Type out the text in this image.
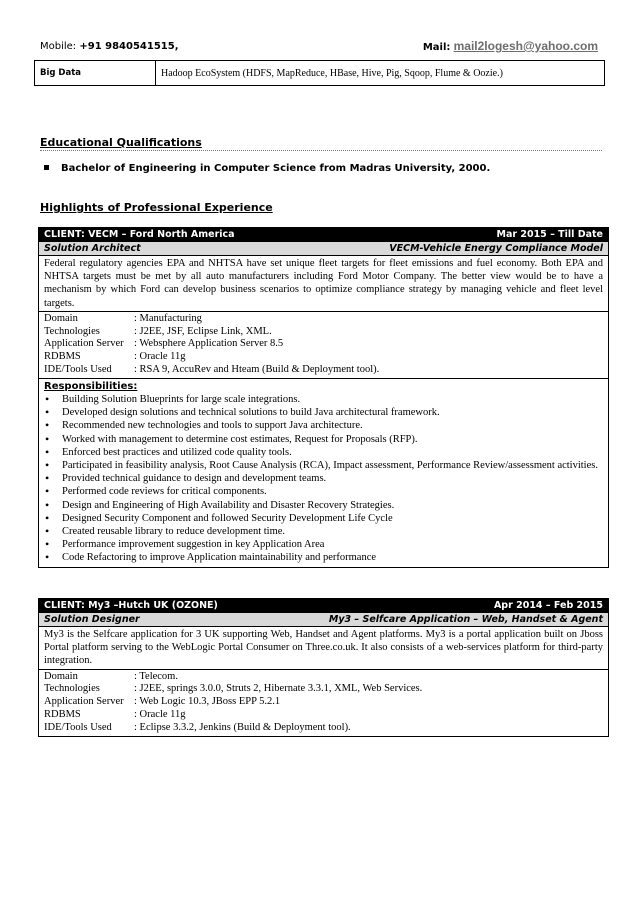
Mobile: +91 9840541515,	Mail: mail2logesh@yahoo.com
Big Data	Hadoop EcoSystem (HDFS, MapReduce, HBase, Hive, Pig, Sqoop, Flume & Oozie.)
Educational Qualifications
Bachelor of Engineering in Computer Science from Madras University, 2000.
Highlights of Professional Experience
CLIENT: VECM – Ford North America	Mar 2015 – Till Date
Solution Architect	VECM-Vehicle Energy Compliance Model
Federal regulatory agencies EPA and NHTSA have set unique fleet targets for fleet emissions and fuel economy. Both EPA and NHTSA targets must be met by all auto manufacturers including Ford Motor Company. The better view would be to have a mechanism by which Ford can develop business scenarios to optimize compliance strategy by managing vehicle and fleet level targets.
Domain	: Manufacturing
Technologies	: J2EE, JSF, Eclipse Link, XML.
Application Server : Websphere Application Server 8.5
RDBMS	: Oracle 11g
IDE/Tools Used	: RSA 9, AccuRev and Hteam (Build & Deployment tool).
Responsibilities:
• Building Solution Blueprints for large scale integrations.
• Developed design solutions and technical solutions to build Java architectural framework.
• Recommended new technologies and tools to support Java architecture.
• Worked with management to determine cost estimates, Request for Proposals (RFP).
• Enforced best practices and utilized code quality tools.
• Participated in feasibility analysis, Root Cause Analysis (RCA), Impact assessment, Performance Review/assessment activities.
• Provided technical guidance to design and development teams.
• Performed code reviews for critical components.
• Design and Engineering of High Availability and Disaster Recovery Strategies.
• Designed Security Component and followed Security Development Life Cycle
• Created reusable library to reduce development time.
• Performance improvement suggestion in key Application Area
• Code Refactoring to improve Application maintainability and performance
CLIENT: My3 –Hutch UK (OZONE)	Apr 2014 – Feb 2015
Solution Designer	My3 – Selfcare Application – Web, Handset & Agent
My3 is the Selfcare application for 3 UK supporting Web, Handset and Agent platforms. My3 is a portal application built on Jboss Portal platform serving to the WebLogic Portal Consumer on Three.co.uk. It also consists of a web-services platform for third-party integration.
Domain	: Telecom.
Technologies	: J2EE, springs 3.0.0, Struts 2, Hibernate 3.3.1, XML, Web Services.
Application Server : Web Logic 10.3, JBoss EPP 5.2.1
RDBMS	: Oracle 11g
IDE/Tools Used	: Eclipse 3.3.2, Jenkins (Build & Deployment tool).
